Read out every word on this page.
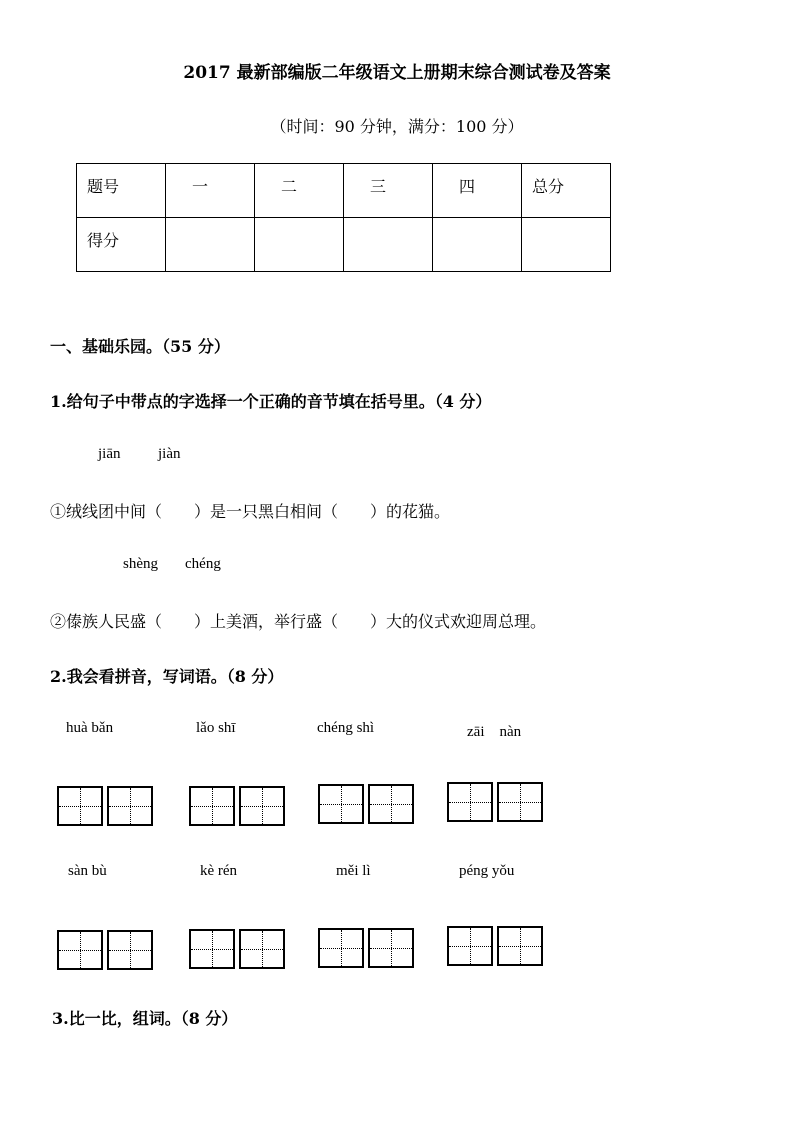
2017 最新部编版二年级语文上册期末综合测试卷及答案
（时间：90 分钟，满分：100 分）
题号	一	二	三	四	总分
得分					
一、基础乐园。（55 分）
1.给句子中带点的字选择一个正确的音节填在括号里。（4 分）
jiān	jiàn
①绒线团中间（　　）是一只黑白相间（　　）的花猫。
shèng chéng
②傣族人民盛（　　）上美酒，举行盛（　　）大的仪式欢迎周总理。
2.我会看拼音，写词语。（8 分）
huà bǎn	lǎo shī	chéng shì	zāi　nàn
sàn bù	kè rén	měi lì	péng yǒu
3.比一比，组词。（8 分）
